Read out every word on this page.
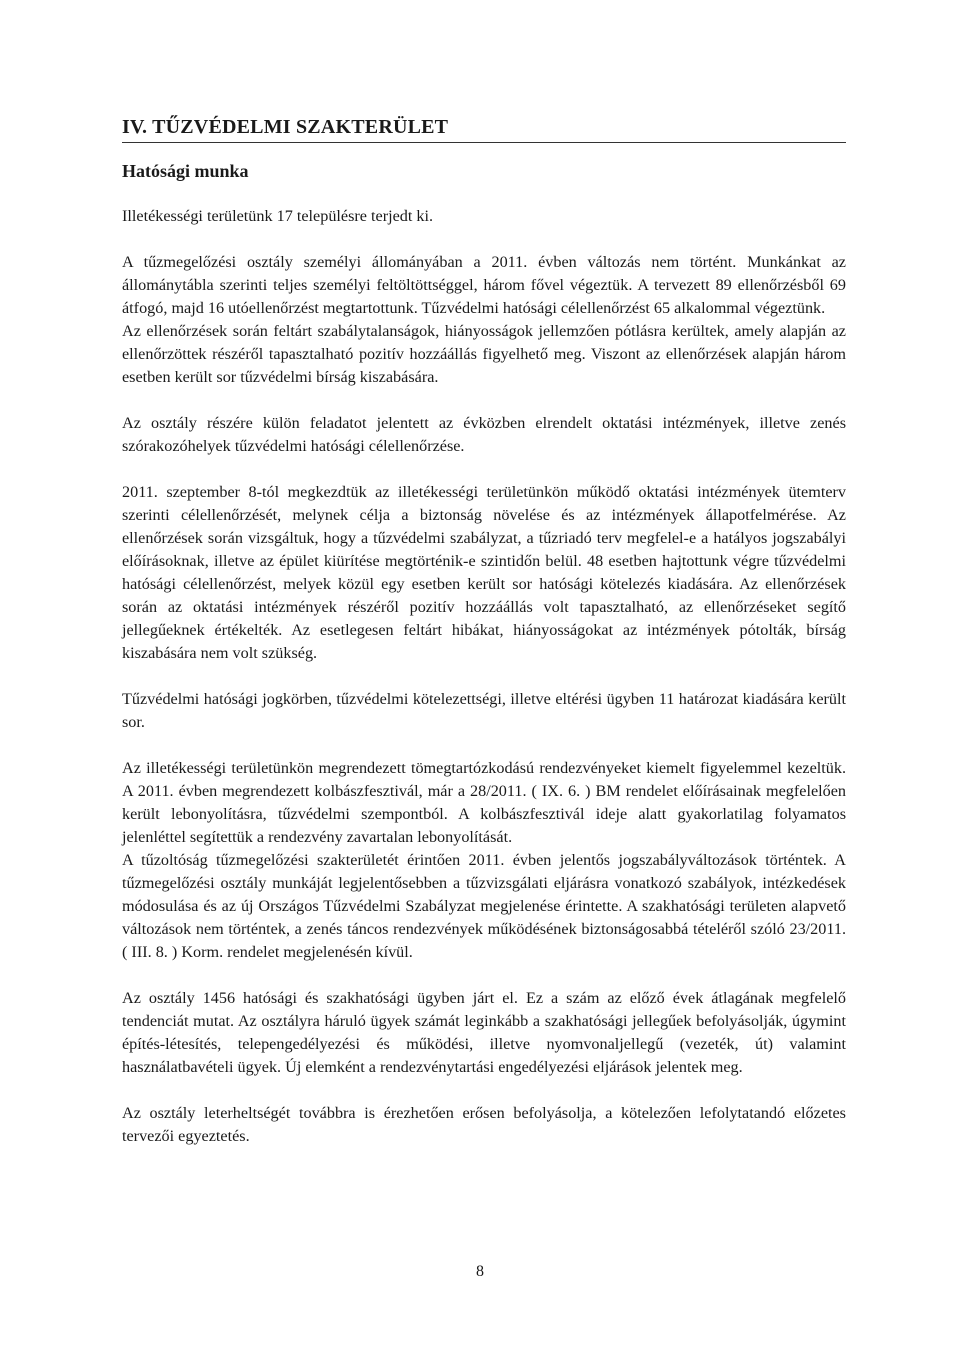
IV. TŰZVÉDELMI SZAKTERÜLET
Hatósági munka

Illetékességi területünk 17 településre terjedt ki.

A tűzmegelőzési osztály személyi állományában a 2011. évben változás nem történt. Munkánkat az állománytábla szerinti teljes személyi feltöltöttséggel, három fővel végeztük. A tervezett 89 ellenőrzésből 69 átfogó, majd 16 utóellenőrzést megtartottunk. Tűzvédelmi hatósági célellenőrzést 65 alkalommal végeztünk.

Az ellenőrzések során feltárt szabálytalanságok, hiányosságok jellemzően pótlásra kerültek, amely alapján az ellenőrzöttek részéről tapasztalható pozitív hozzáállás figyelhető meg. Viszont az ellenőrzések alapján három esetben került sor tűzvédelmi bírság kiszabására.

Az osztály részére külön feladatot jelentett az évközben elrendelt oktatási intézmények, illetve zenés szórakozóhelyek tűzvédelmi hatósági célellenőrzése.

2011. szeptember 8-tól megkezdtük az illetékességi területünkön működő oktatási intézmények ütemterv szerinti célellenőrzését, melynek célja a biztonság növelése és az intézmények állapotfelmérése. Az ellenőrzések során vizsgáltuk, hogy a tűzvédelmi szabályzat, a tűzriadó terv megfelel-e a hatályos jogszabályi előírásoknak, illetve az épület kiürítése megtörténik-e szintidőn belül. 48 esetben hajtottunk végre tűzvédelmi hatósági célellenőrzést, melyek közül egy esetben került sor hatósági kötelezés kiadására. Az ellenőrzések során az oktatási intézmények részéről pozitív hozzáállás volt tapasztalható, az ellenőrzéseket segítő jellegűeknek értékelték. Az esetlegesen feltárt hibákat, hiányosságokat az intézmények pótolták, bírság kiszabására nem volt szükség.

Tűzvédelmi hatósági jogkörben, tűzvédelmi kötelezettségi, illetve eltérési ügyben 11 határozat kiadására került sor.

Az illetékességi területünkön megrendezett tömegtartózkodású rendezvényeket kiemelt figyelemmel kezeltük. A 2011. évben megrendezett kolbászfesztivál, már a 28/2011. ( IX. 6. ) BM rendelet előírásainak megfelelően került lebonyolításra, tűzvédelmi szempontból. A kolbászfesztivál ideje alatt gyakorlatilag folyamatos jelenléttel segítettük a rendezvény zavartalan lebonyolítását.

A tűzoltóság tűzmegelőzési szakterületét érintően 2011. évben jelentős jogszabályváltozások történtek. A tűzmegelőzési osztály munkáját legjelentősebben a tűzvizsgálati eljárásra vonatkozó szabályok, intézkedések módosulása és az új Országos Tűzvédelmi Szabályzat megjelenése érintette. A szakhatósági területen alapvető változások nem történtek, a zenés táncos rendezvények működésének biztonságosabbá tételéről szóló 23/2011. ( III. 8. ) Korm. rendelet megjelenésén kívül.

Az osztály 1456 hatósági és szakhatósági ügyben járt el. Ez a szám az előző évek átlagának megfelelő tendenciát mutat. Az osztályra háruló ügyek számát leginkább a szakhatósági jellegűek befolyásolják, úgymint építés-létesítés, telepengedélyezési és működési, illetve nyomvonaljellegű (vezeték, út) valamint használatbavételi ügyek. Új elemként a rendezvénytartási engedélyezési eljárások jelentek meg.

Az osztály leterheltségét továbbra is érezhetően erősen befolyásolja, a kötelezően lefolytatandó előzetes tervezői egyeztetés.

8
